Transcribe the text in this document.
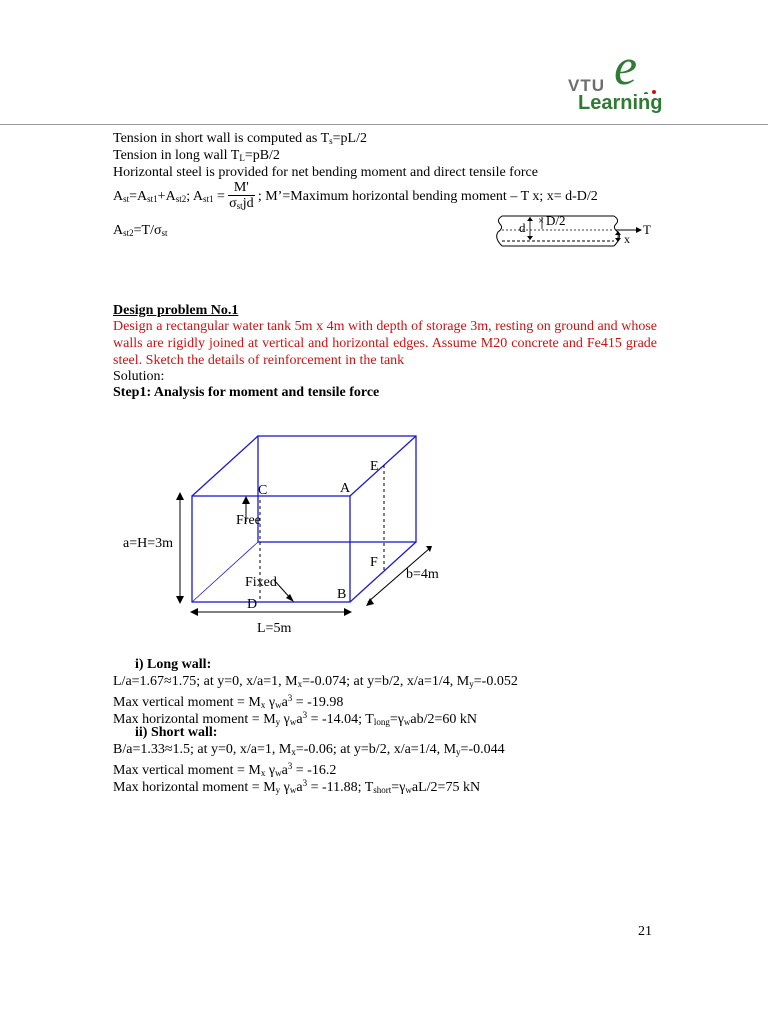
e
VTU
Learning
Tension in short wall is computed as $T_s=pL/2$
Tension in long wall $T_L=pB/2$
Horizontal steel is provided for net bending moment and direct tensile force
$A_{st}=A_{st1}+A_{st2}$; $A_{st1} = \frac{M'}{\sigma_{st}jd}$ ; M’=Maximum horizontal bending moment – T x; x= d-D/2
$A_{st2}=T/\sigma_{st}$	d × D/2
T
x
Design problem No.1
Design a rectangular water tank 5m x 4m with depth of storage 3m, resting on ground and whose walls are rigidly joined at vertical and horizontal edges. Assume M20 concrete and Fe415 grade steel. Sketch the details of reinforcement in the tank
Solution:
Step1: Analysis for moment and tensile force
A
B
C
D
E
F
Free
Fixed
a=H=3m
b=4m
L=5m
i) Long wall:
L/a=1.67≈1.75; at y=0, x/a=1, $M_x=-0.074$; at y=b/2, x/a=1/4, $M_y=-0.052$
Max vertical moment = $M_x$ $\gamma_wa^3 = -19.98$
Max horizontal moment = $M_y$ $\gamma_wa^3 = -14.04$; $T_{long}=\gamma_wab/2=60$ kN
ii) Short wall:
B/a=1.33≈1.5; at y=0, x/a=1, $M_x=-0.06$; at y=b/2, x/a=1/4, $M_y=-0.044$
Max vertical moment = $M_x$ $\gamma_wa^3 = -16.2$
Max horizontal moment = $M_y$ $\gamma_wa^3 = -11.88$; $T_{short}=\gamma_waL/2=75$ kN
21
